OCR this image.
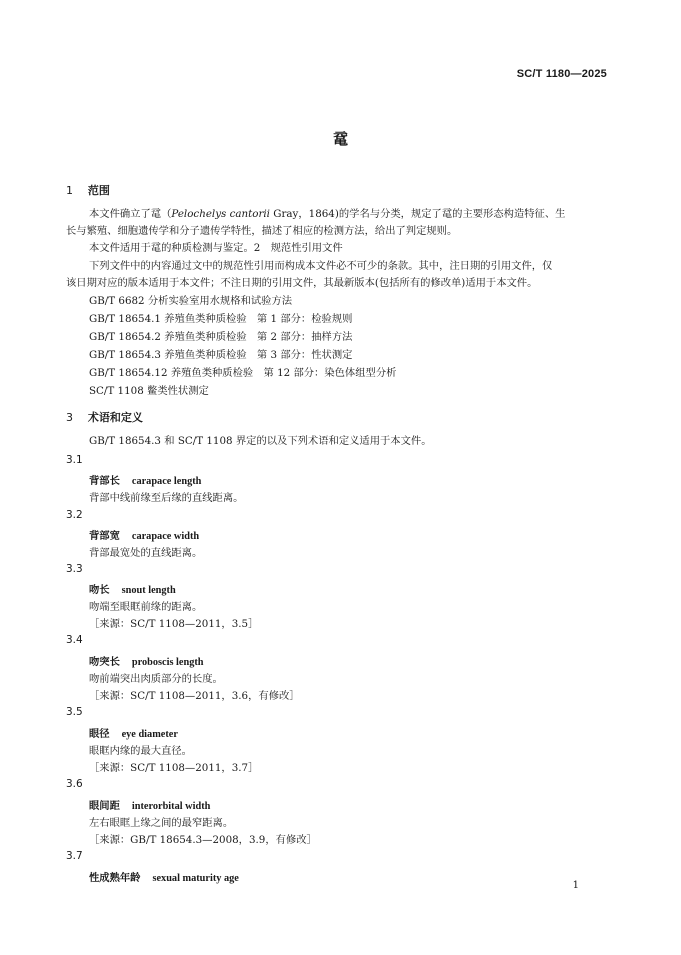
SC/T 1180—2025
鼋
1 范围
本文件确立了鼋（Pelochelys cantorii Gray，1864)的学名与分类，规定了鼋的主要形态构造特征、生
长与繁殖、细胞遗传学和分子遗传学特性，描述了相应的检测方法，给出了判定规则。
本文件适用于鼋的种质检测与鉴定。2　规范性引用文件
下列文件中的内容通过文中的规范性引用而构成本文件必不可少的条款。其中，注日期的引用文件，仅
该日期对应的版本适用于本文件；不注日期的引用文件，其最新版本(包括所有的修改单)适用于本文件。
GB/T 6682 分析实验室用水规格和试验方法
GB/T 18654.1 养殖鱼类种质检验　第 1 部分：检验规则
GB/T 18654.2 养殖鱼类种质检验　第 2 部分：抽样方法
GB/T 18654.3 养殖鱼类种质检验　第 3 部分：性状测定
GB/T 18654.12 养殖鱼类种质检验　第 12 部分：染色体组型分析
SC/T 1108 鳖类性状测定
3 术语和定义
GB/T 18654.3 和 SC/T 1108 界定的以及下列术语和定义适用于本文件。
3.1
背部长 carapace length
背部中线前缘至后缘的直线距离。
3.2
背部宽 carapace width
背部最宽处的直线距离。
3.3
吻长 snout length
吻端至眼眶前缘的距离。
［来源：SC/T 1108—2011，3.5］
3.4
吻突长 proboscis length
吻前端突出肉质部分的长度。
［来源：SC/T 1108—2011，3.6，有修改］
3.5
眼径 eye diameter
眼眶内缘的最大直径。
［来源：SC/T 1108—2011，3.7］
3.6
眼间距 interorbital width
左右眼眶上缘之间的最窄距离。
［来源：GB/T 18654.3—2008，3.9，有修改］
3.7
性成熟年龄 sexual maturity age
1
